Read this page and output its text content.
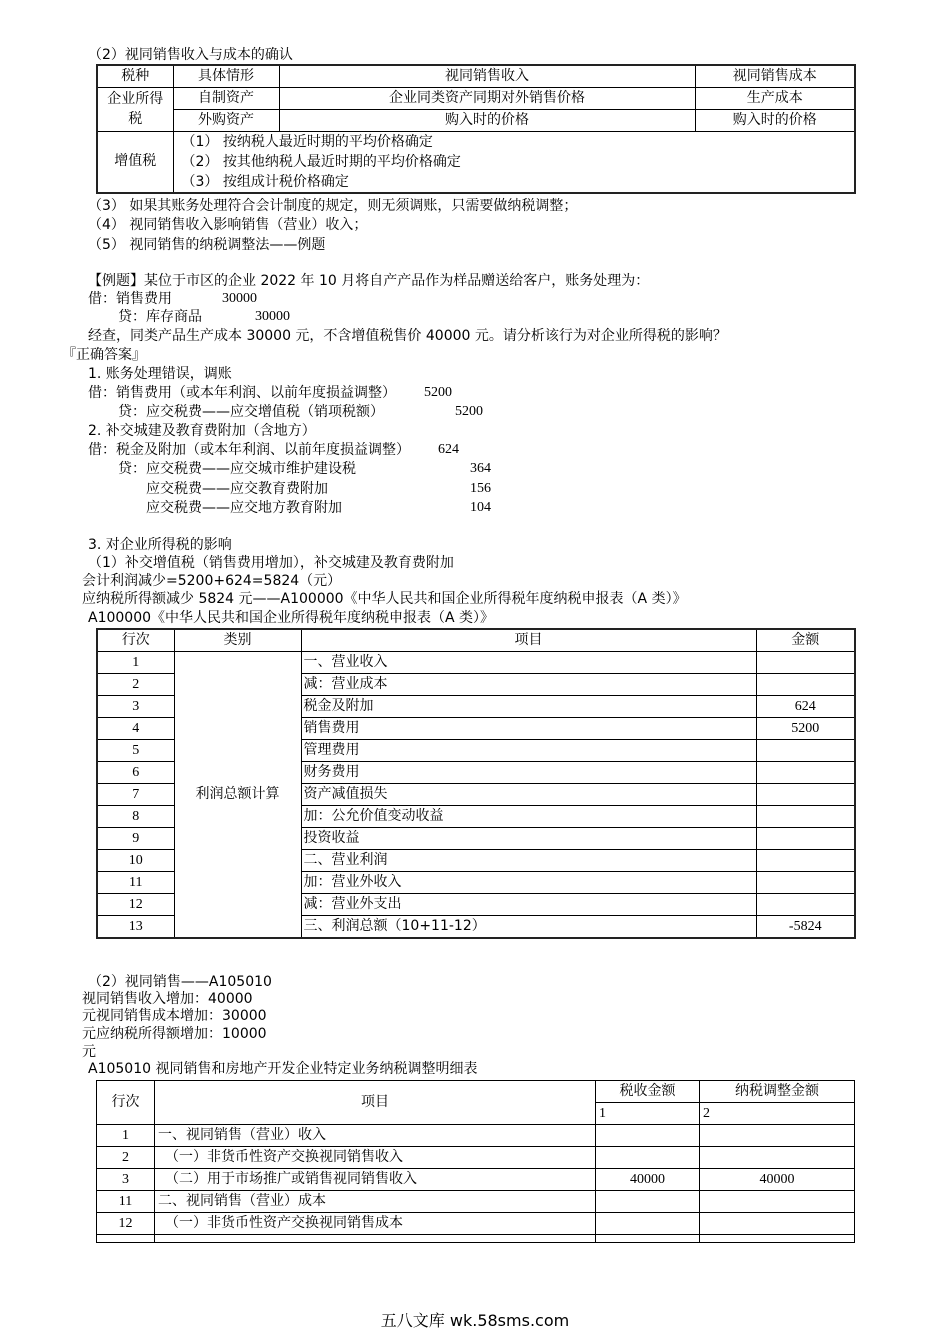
（2）视同销售收入与成本的确认
税种	具体情形	视同销售收入	视同销售成本
企业所得税	自制资产	企业同类资产同期对外销售价格	生产成本
	外购资产	购入时的价格	购入时的价格
增值税	（1） 按纳税人最近时期的平均价格确定
（2） 按其他纳税人最近时期的平均价格确定
（3） 按组成计税价格确定		
（3） 如果其账务处理符合会计制度的规定，则无须调账，只需要做纳税调整；
（4） 视同销售收入影响销售（营业）收入；
（5） 视同销售的纳税调整法——例题
【例题】某位于市区的企业 2022 年 10 月将自产产品作为样品赠送给客户，账务处理为：
借：销售费用	30000
贷：库存商品	30000
经查，同类产品生产成本 30000 元，不含增值税售价 40000 元。请分析该行为对企业所得税的影响？
『正确答案』
1. 账务处理错误，调账
借：销售费用（或本年利润、以前年度损益调整） 5200
贷：应交税费——应交增值税（销项税额）	5200
2. 补交城建及教育费附加（含地方）
借：税金及附加（或本年利润、以前年度损益调整） 624
贷：应交税费——应交城市维护建设税	364
应交税费——应交教育费附加	156
应交税费——应交地方教育附加	104
3. 对企业所得税的影响
（1）补交增值税（销售费用增加），补交城建及教育费附加
会计利润减少=5200+624=5824（元）
应纳税所得额减少 5824 元——A100000《中华人民共和国企业所得税年度纳税申报表（A 类）》
A100000《中华人民共和国企业所得税年度纳税申报表（A 类）》
行次	类别	项目	金额
1	利润总额计算	一、营业收入	
2		减：营业成本	
3		税金及附加	624
4		销售费用	5200
5		管理费用	
6		财务费用	
7		资产减值损失	
8		加：公允价值变动收益	
9		投资收益	
10		二、营业利润	
11		加：营业外收入	
12		减：营业外支出	
13		三、利润总额（10+11-12）	-5824
（2）视同销售——A105010
视同销售收入增加：40000
元视同销售成本增加：30000
元应纳税所得额增加：10000
元
A105010 视同销售和房地产开发企业特定业务纳税调整明细表
行次	项目	税收金额	纳税调整金额
		1	2
1	一、视同销售（营业）收入		
2	（一）非货币性资产交换视同销售收入		
3	（二）用于市场推广或销售视同销售收入	40000	40000
11	二、视同销售（营业）成本		
12	（一）非货币性资产交换视同销售成本		

五八文库 wk.58sms.com
